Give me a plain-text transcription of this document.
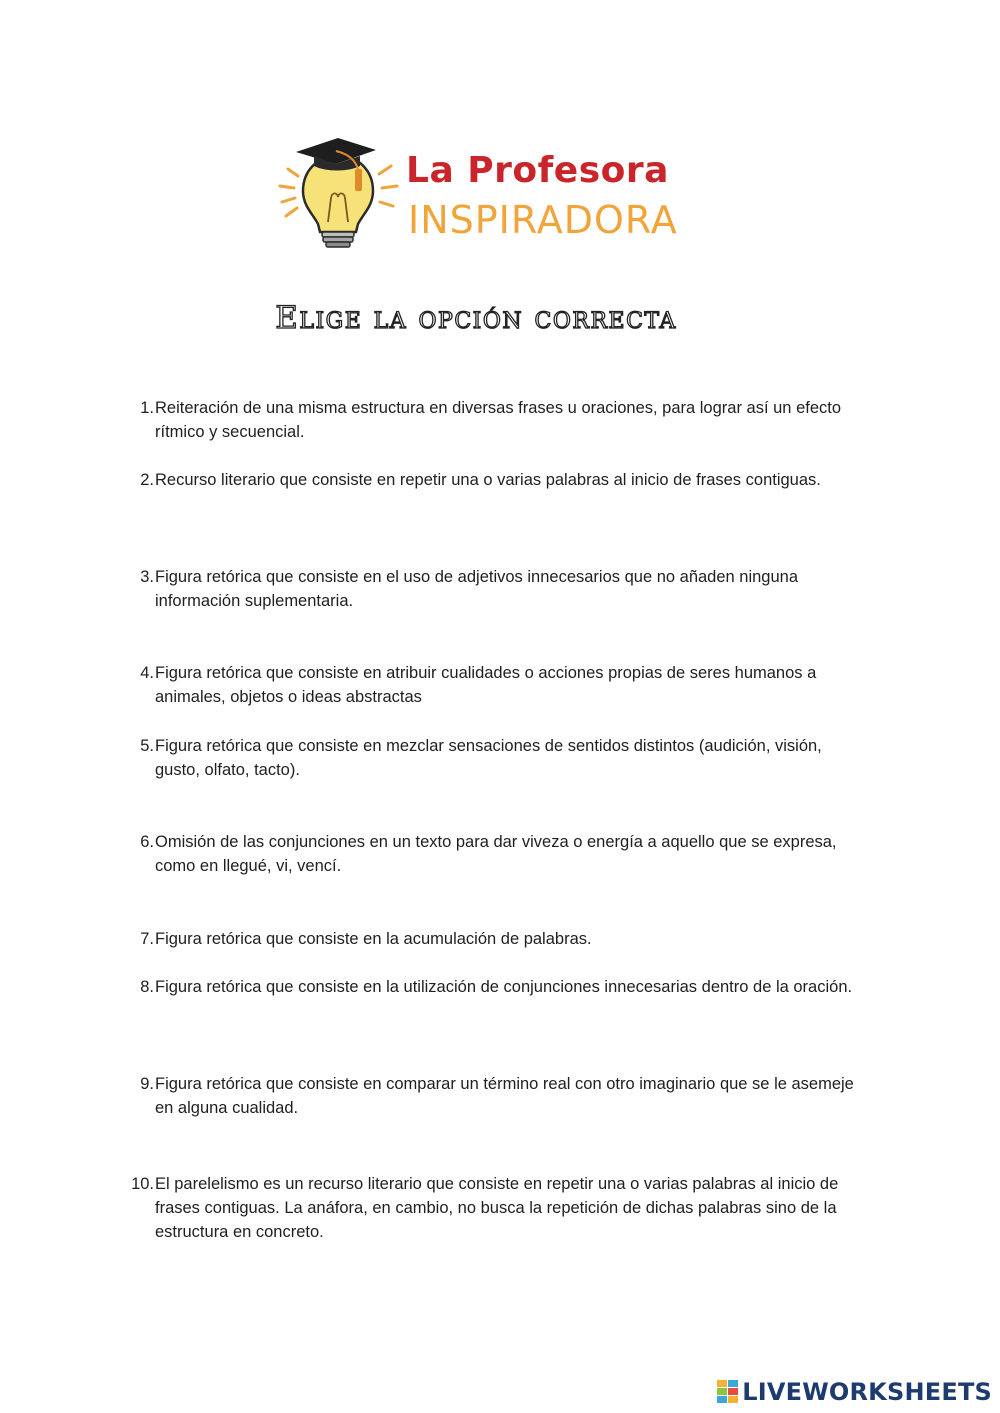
La Profesora
INSPIRADORA
Elige la opción correcta
1. Reiteración de una misma estructura en diversas frases u oraciones, para lograr así un efecto rítmico y secuencial.
2. Recurso literario que consiste en repetir una o varias palabras al inicio de frases contiguas.
3. Figura retórica que consiste en el uso de adjetivos innecesarios que no añaden ninguna información suplementaria.
4. Figura retórica que consiste en atribuir cualidades o acciones propias de seres humanos a animales, objetos o ideas abstractas
5. Figura retórica que consiste en mezclar sensaciones de sentidos distintos (audición, visión, gusto, olfato, tacto).
6. Omisión de las conjunciones en un texto para dar viveza o energía a aquello que se expresa, como en llegué, vi, vencí.
7. Figura retórica que consiste en la acumulación de palabras.
8. Figura retórica que consiste en la utilización de conjunciones innecesarias dentro de la oración.
9. Figura retórica que consiste en comparar un término real con otro imaginario que se le asemeje en alguna cualidad.
10. El parelelismo es un recurso literario que consiste en repetir una o varias palabras al inicio de frases contiguas. La anáfora, en cambio, no busca la repetición de dichas palabras sino de la estructura en concreto.
LIVEWORKSHEETS
